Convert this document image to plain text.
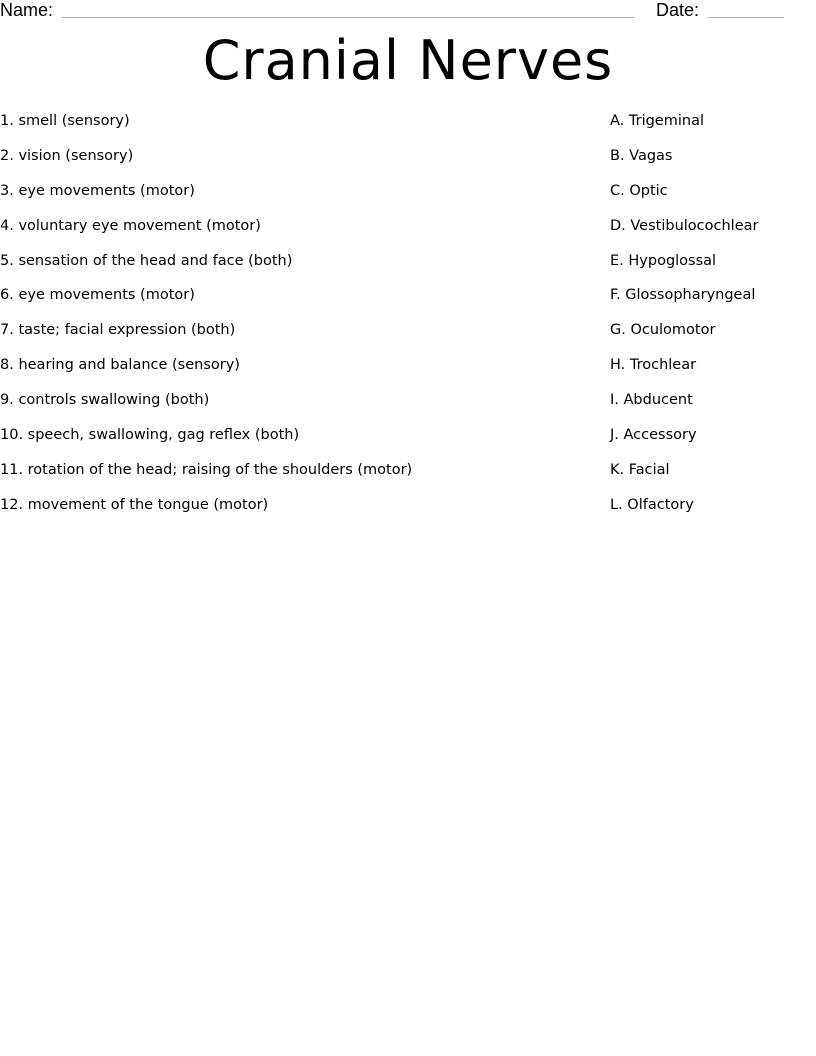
Name:	Date:
Cranial Nerves
1. smell (sensory)
2. vision (sensory)
3. eye movements (motor)
4. voluntary eye movement (motor)
5. sensation of the head and face (both)
6. eye movements (motor)
7. taste; facial expression (both)
8. hearing and balance (sensory)
9. controls swallowing (both)
10. speech, swallowing, gag reflex (both)
11. rotation of the head; raising of the shoulders (motor)
12. movement of the tongue (motor)
A. Trigeminal
B. Vagas
C. Optic
D. Vestibulocochlear
E. Hypoglossal
F. Glossopharyngeal
G. Oculomotor
H. Trochlear
I. Abducent
J. Accessory
K. Facial
L. Olfactory
